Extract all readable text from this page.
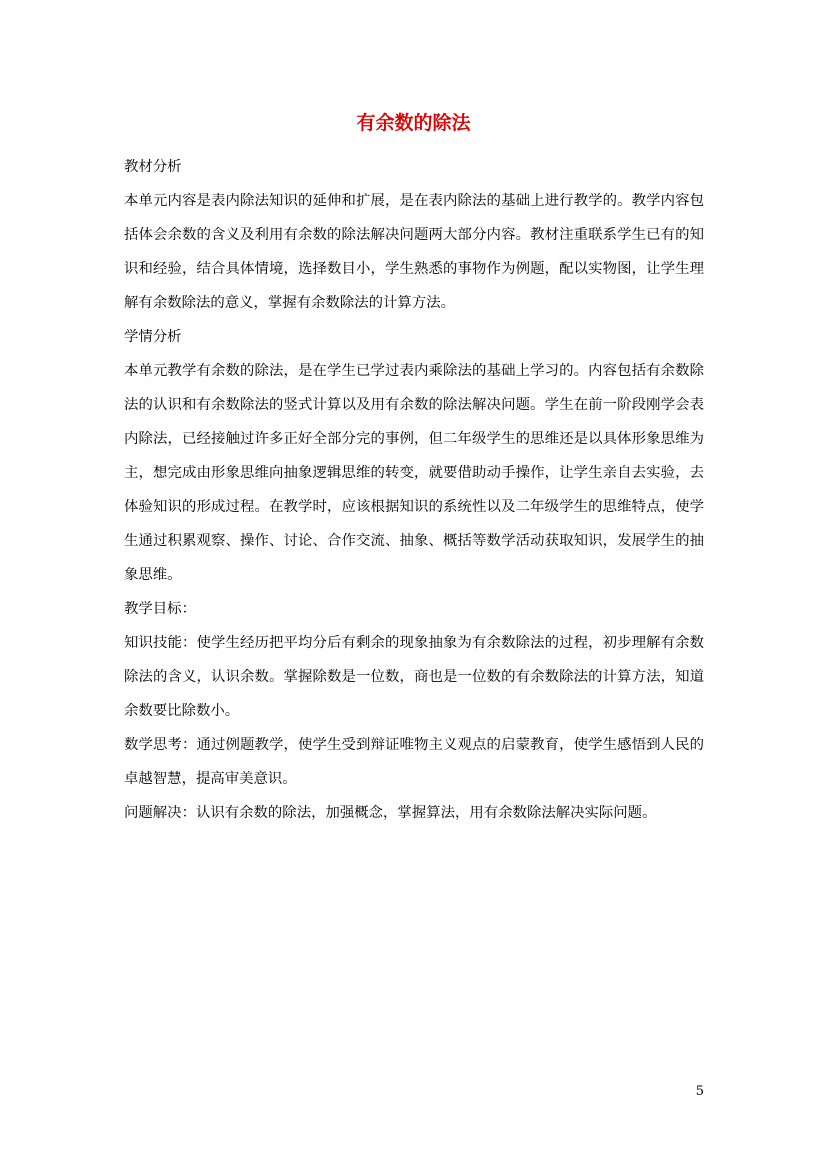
有余数的除法

教材分析

本单元内容是表内除法知识的延伸和扩展，是在表内除法的基础上进行教学的。教学内容包括体会余数的含义及利用有余数的除法解决问题两大部分内容。教材注重联系学生已有的知识和经验，结合具体情境，选择数目小，学生熟悉的事物作为例题，配以实物图，让学生理解有余数除法的意义，掌握有余数除法的计算方法。

学情分析

本单元教学有余数的除法，是在学生已学过表内乘除法的基础上学习的。内容包括有余数除法的认识和有余数除法的竖式计算以及用有余数的除法解决问题。学生在前一阶段刚学会表内除法，已经接触过许多正好全部分完的事例，但二年级学生的思维还是以具体形象思维为主，想完成由形象思维向抽象逻辑思维的转变，就要借助动手操作，让学生亲自去实验，去体验知识的形成过程。在教学时，应该根据知识的系统性以及二年级学生的思维特点，使学生通过积累观察、操作、讨论、合作交流、抽象、概括等数学活动获取知识，发展学生的抽象思维。

教学目标：

知识技能：使学生经历把平均分后有剩余的现象抽象为有余数除法的过程，初步理解有余数除法的含义，认识余数。掌握除数是一位数，商也是一位数的有余数除法的计算方法，知道余数要比除数小。

数学思考：通过例题教学，使学生受到辩证唯物主义观点的启蒙教育，使学生感悟到人民的卓越智慧，提高审美意识。

问题解决：认识有余数的除法，加强概念，掌握算法，用有余数除法解决实际问题。

5
